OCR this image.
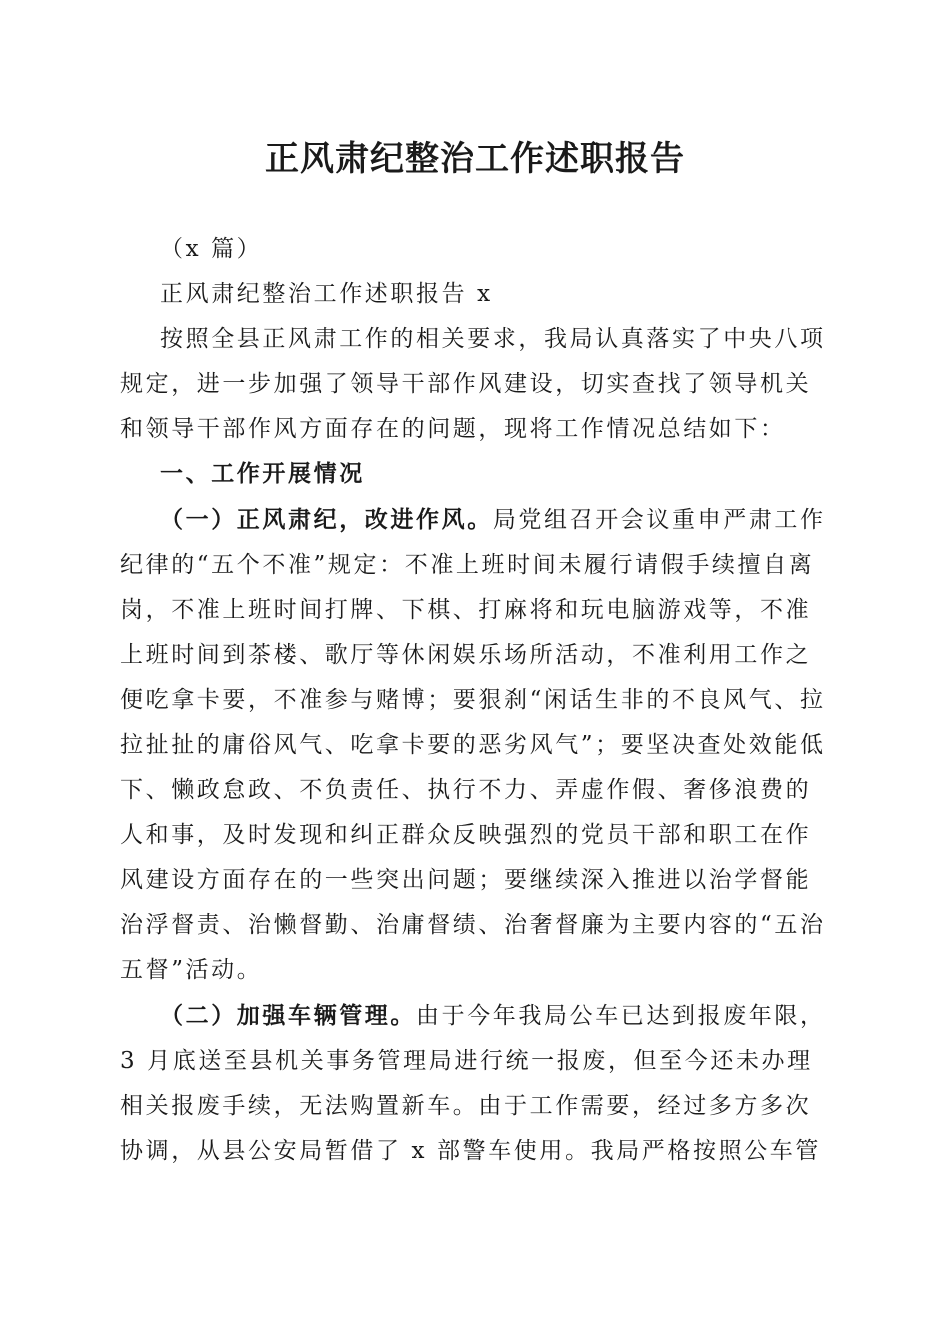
正风肃纪整治工作述职报告

（x 篇）

正风肃纪整治工作述职报告 x

按照全县正风肃工作的相关要求，我局认真落实了中央八项规定，进一步加强了领导干部作风建设，切实查找了领导机关和领导干部作风方面存在的问题，现将工作情况总结如下：

一、工作开展情况

（一）正风肃纪，改进作风。局党组召开会议重申严肃工作纪律的“五个不准”规定：不准上班时间未履行请假手续擅自离岗，不准上班时间打牌、下棋、打麻将和玩电脑游戏等，不准上班时间到茶楼、歌厅等休闲娱乐场所活动，不准利用工作之便吃拿卡要，不准参与赌博；要狠刹“闲话生非的不良风气、拉拉扯扯的庸俗风气、吃拿卡要的恶劣风气”；要坚决查处效能低下、懒政怠政、不负责任、执行不力、弄虚作假、奢侈浪费的人和事，及时发现和纠正群众反映强烈的党员干部和职工在作风建设方面存在的一些突出问题；要继续深入推进以治学督能治浮督责、治懒督勤、治庸督绩、治奢督廉为主要内容的“五治五督”活动。

（二）加强车辆管理。由于今年我局公车已达到报废年限，3 月底送至县机关事务管理局进行统一报废，但至今还未办理相关报废手续，无法购置新车。由于工作需要，经过多方多次协调，从县公安局暂借了 x 部警车使用。我局严格按照公车管
